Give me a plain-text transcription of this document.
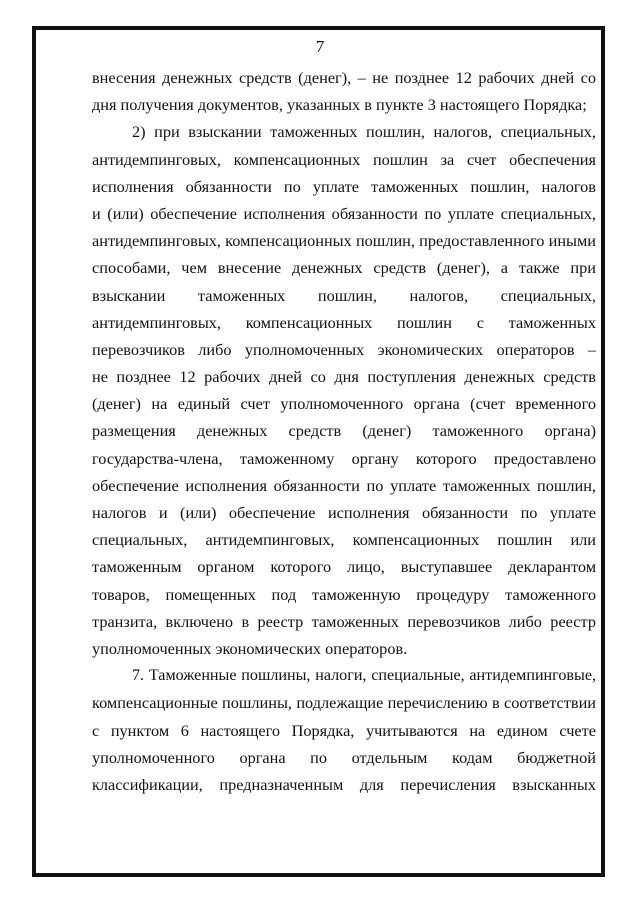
7
внесения денежных средств (денег), – не позднее 12 рабочих дней со
дня получения документов, указанных в пункте 3 настоящего Порядка;
2) при взыскании таможенных пошлин, налогов, специальных,
антидемпинговых, компенсационных пошлин за счет обеспечения
исполнения обязанности по уплате таможенных пошлин, налогов
и (или) обеспечение исполнения обязанности по уплате специальных,
антидемпинговых, компенсационных пошлин, предоставленного иными
способами, чем внесение денежных средств (денег), а также при
взыскании таможенных пошлин, налогов, специальных,
антидемпинговых, компенсационных пошлин с таможенных
перевозчиков либо уполномоченных экономических операторов –
не позднее 12 рабочих дней со дня поступления денежных средств
(денег) на единый счет уполномоченного органа (счет временного
размещения денежных средств (денег) таможенного органа)
государства-члена, таможенному органу которого предоставлено
обеспечение исполнения обязанности по уплате таможенных пошлин,
налогов и (или) обеспечение исполнения обязанности по уплате
специальных, антидемпинговых, компенсационных пошлин или
таможенным органом которого лицо, выступавшее декларантом
товаров, помещенных под таможенную процедуру таможенного
транзита, включено в реестр таможенных перевозчиков либо реестр
уполномоченных экономических операторов.
7. Таможенные пошлины, налоги, специальные, антидемпинговые,
компенсационные пошлины, подлежащие перечислению в соответствии
с пунктом 6 настоящего Порядка, учитываются на едином счете
уполномоченного органа по отдельным кодам бюджетной
классификации, предназначенным для перечисления взысканных
